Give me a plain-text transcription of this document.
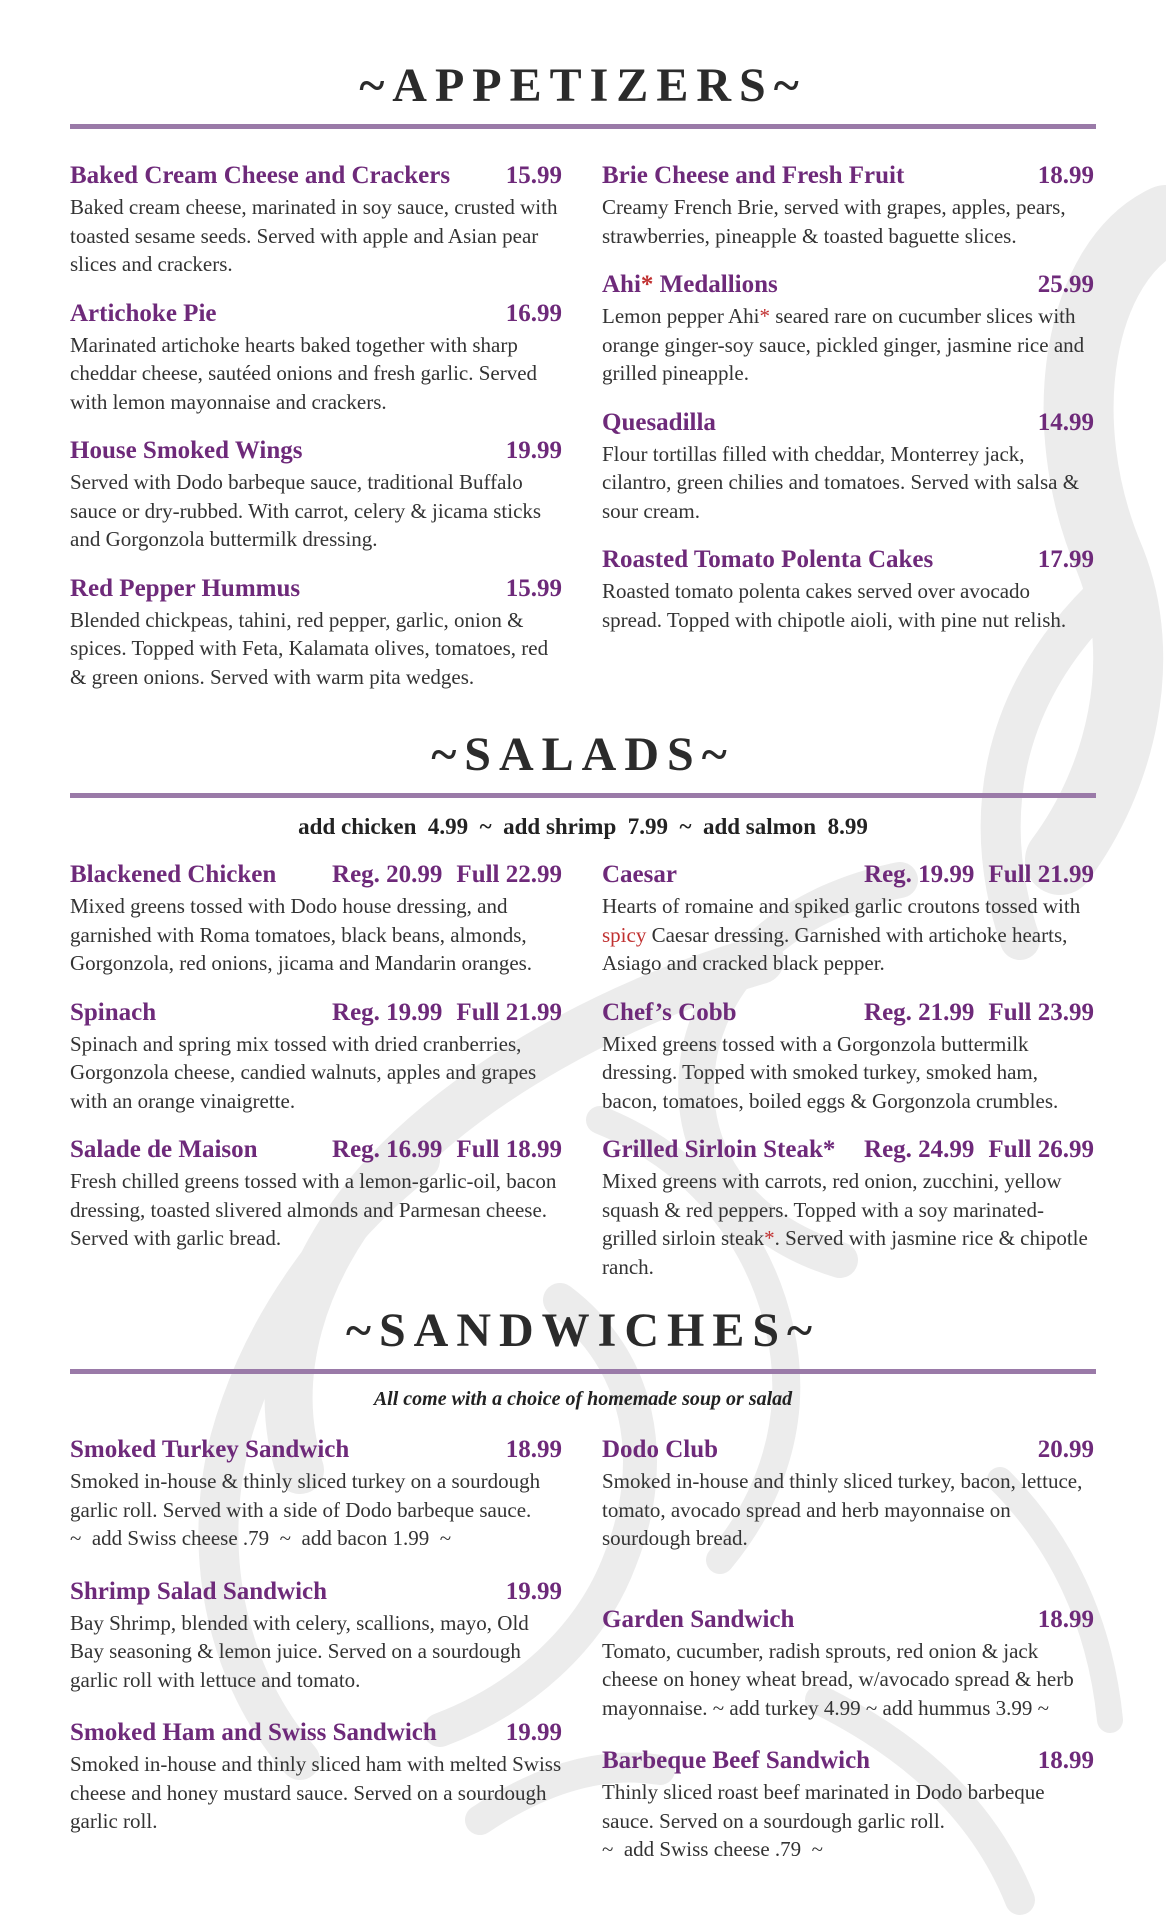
~APPETIZERS~
Baked Cream Cheese and Crackers 15.99

Baked cream cheese, marinated in soy sauce, crusted with toasted sesame seeds. Served with apple and Asian pear slices and crackers.

Artichoke Pie	16.99

Marinated artichoke hearts baked together with sharp cheddar cheese, sautéed onions and fresh garlic. Served with lemon mayonnaise and crackers.

House Smoked Wings	19.99

Served with Dodo barbeque sauce, traditional Buffalo sauce or dry-rubbed. With carrot, celery & jicama sticks and Gorgonzola buttermilk dressing.

Red Pepper Hummus	15.99

Blended chickpeas, tahini, red pepper, garlic, onion & spices. Topped with Feta, Kalamata olives, tomatoes, red & green onions. Served with warm pita wedges.

Brie Cheese and Fresh Fruit	18.99

Creamy French Brie, served with grapes, apples, pears, strawberries, pineapple & toasted baguette slices.

Ahi* Medallions	25.99

Lemon pepper Ahi* seared rare on cucumber slices with orange ginger-soy sauce, pickled ginger, jasmine rice and grilled pineapple.

Quesadilla	14.99

Flour tortillas filled with cheddar, Monterrey jack, cilantro, green chilies and tomatoes. Served with salsa & sour cream.

Roasted Tomato Polenta Cakes	17.99

Roasted tomato polenta cakes served over avocado spread. Topped with chipotle aioli, with pine nut relish.

~SALADS~
add chicken  4.99  ~  add shrimp  7.99  ~  add salmon  8.99
Blackened Chicken Reg. 20.99 Full 22.99

Mixed greens tossed with Dodo house dressing, and garnished with Roma tomatoes, black beans, almonds, Gorgonzola, red onions, jicama and Mandarin oranges.

Spinach	Reg. 19.99 Full 21.99

Spinach and spring mix tossed with dried cranberries, Gorgonzola cheese, candied walnuts, apples and grapes with an orange vinaigrette.

Salade de Maison	Reg. 16.99 Full 18.99

Fresh chilled greens tossed with a lemon-garlic-oil, bacon dressing, toasted slivered almonds and Parmesan cheese. Served with garlic bread.

Caesar	Reg. 19.99 Full 21.99

Hearts of romaine and spiked garlic croutons tossed with spicy Caesar dressing. Garnished with artichoke hearts, Asiago and cracked black pepper.

Chef’s Cobb	Reg. 21.99 Full 23.99

Mixed greens tossed with a Gorgonzola buttermilk dressing. Topped with smoked turkey, smoked ham, bacon, tomatoes, boiled eggs & Gorgonzola crumbles.

Grilled Sirloin Steak* Reg. 24.99 Full 26.99

Mixed greens with carrots, red onion, zucchini, yellow squash & red peppers. Topped with a soy marinated-grilled sirloin steak*. Served with jasmine rice & chipotle ranch.

~SANDWICHES~
All come with a choice of homemade soup or salad
Smoked Turkey Sandwich	18.99

Smoked in-house & thinly sliced turkey on a sourdough garlic roll. Served with a side of Dodo barbeque sauce.

~  add Swiss cheese .79  ~  add bacon 1.99  ~
Shrimp Salad Sandwich	19.99

Bay Shrimp, blended with celery, scallions, mayo, Old Bay seasoning & lemon juice. Served on a sourdough garlic roll with lettuce and tomato.

Smoked Ham and Swiss Sandwich	19.99

Smoked in-house and thinly sliced ham with melted Swiss cheese and honey mustard sauce. Served on a sourdough garlic roll.

Dodo Club	20.99

Smoked in-house and thinly sliced turkey, bacon, lettuce, tomato, avocado spread and herb mayonnaise on sourdough bread.

Garden Sandwich	18.99

Tomato, cucumber, radish sprouts, red onion & jack cheese on honey wheat bread, w/avocado spread & herb mayonnaise. ~ add turkey 4.99 ~ add hummus 3.99 ~

Barbeque Beef Sandwich	18.99

Thinly sliced roast beef marinated in Dodo barbeque sauce. Served on a sourdough garlic roll.

~  add Swiss cheese .79  ~
